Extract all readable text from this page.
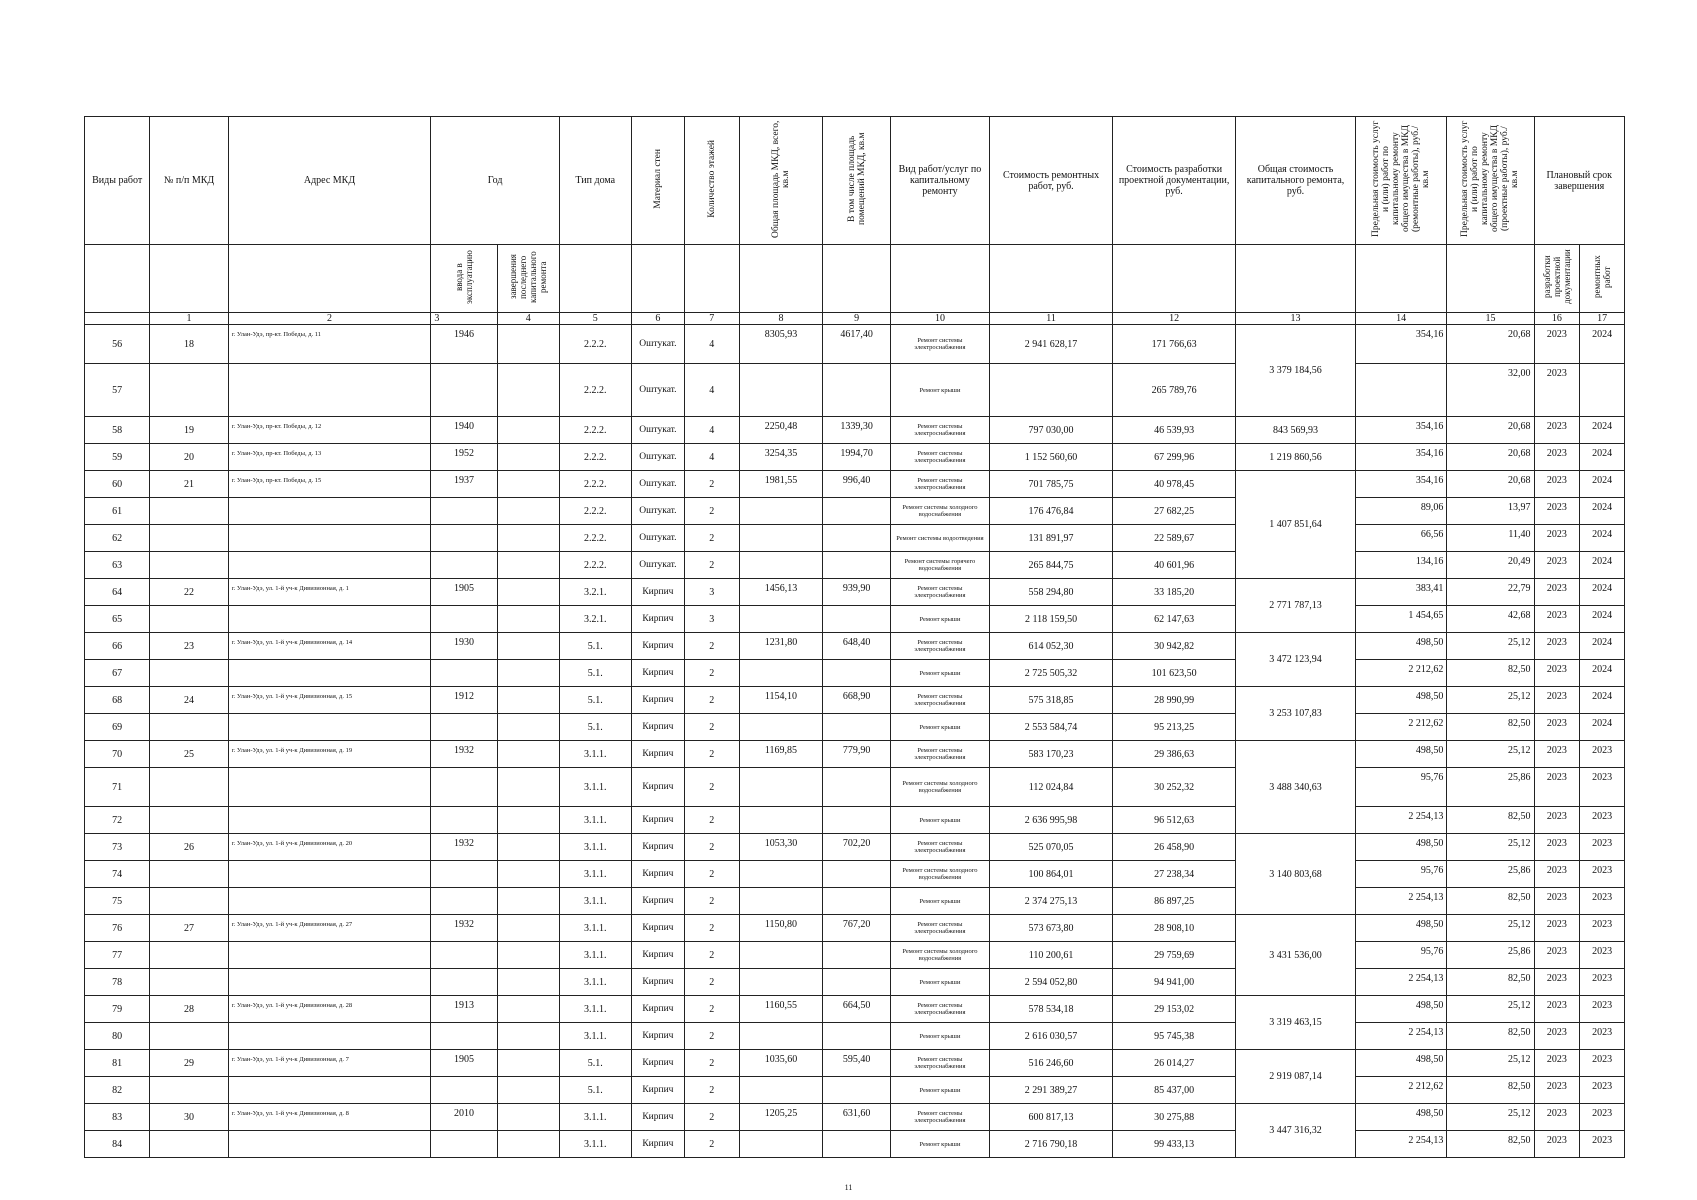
Виды работ	№ п/п МКД	Адрес МКД	Год		Тип дома	Материал стен	Количество этажей	Общая площадь МКД, всего, кв.м	В том числе площадь помещений МКД, кв.м	Вид работ/услуг по капитальному ремонту	Стоимость ремонтных работ, руб.	Стоимость разработки проектной документации, руб.	Общая стоимость капитального ремонта, руб.	Предельная стоимость услуг и (или) работ по капитальному ремонту общего имущества в МКД (ремонтные работы), руб./кв.м	Предельная стоимость услуг и (или) работ по капитальному ремонту общего имущества в МКД (проектные работы), руб./кв.м	Плановый срок завершения	
			ввода в эксплуатацию	завершения последнего капитального ремонта												разработки проектной документации	ремонтных работ
	1	2	3	4	5	6	7	8	9	10	11	12	13	14	15	16	17
56	18	г. Улан-Удэ, пр-кт. Победы, д. 11	1946		2.2.2.	Оштукат.	4	8305,93	4617,40	Ремонт системы электроснабжения	2 941 628,17	171 766,63	3 379 184,56	354,16	20,68	2023	2024
57					2.2.2.	Оштукат.	4			Ремонт крыши		265 789,76			32,00	2023	
58	19	г. Улан-Удэ, пр-кт. Победы, д. 12	1940		2.2.2.	Оштукат.	4	2250,48	1339,30	Ремонт системы электроснабжения	797 030,00	46 539,93	843 569,93	354,16	20,68	2023	2024
59	20	г. Улан-Удэ, пр-кт. Победы, д. 13	1952		2.2.2.	Оштукат.	4	3254,35	1994,70	Ремонт системы электроснабжения	1 152 560,60	67 299,96	1 219 860,56	354,16	20,68	2023	2024
60	21	г. Улан-Удэ, пр-кт. Победы, д. 15	1937		2.2.2.	Оштукат.	2	1981,55	996,40	Ремонт системы электроснабжения	701 785,75	40 978,45	1 407 851,64	354,16	20,68	2023	2024
61					2.2.2.	Оштукат.	2			Ремонт системы холодного водоснабжения	176 476,84	27 682,25		89,06	13,97	2023	2024
62					2.2.2.	Оштукат.	2			Ремонт системы водоотведения	131 891,97	22 589,67		66,56	11,40	2023	2024
63					2.2.2.	Оштукат.	2			Ремонт системы горячего водоснабжения	265 844,75	40 601,96		134,16	20,49	2023	2024
64	22	г. Улан-Удэ, ул. 1-й уч-к Дивизионная, д. 1	1905		3.2.1.	Кирпич	3	1456,13	939,90	Ремонт системы электроснабжения	558 294,80	33 185,20	2 771 787,13	383,41	22,79	2023	2024
65					3.2.1.	Кирпич	3			Ремонт крыши	2 118 159,50	62 147,63		1 454,65	42,68	2023	2024
66	23	г. Улан-Удэ, ул. 1-й уч-к Дивизионная, д. 14	1930		5.1.	Кирпич	2	1231,80	648,40	Ремонт системы электроснабжения	614 052,30	30 942,82	3 472 123,94	498,50	25,12	2023	2024
67					5.1.	Кирпич	2			Ремонт крыши	2 725 505,32	101 623,50		2 212,62	82,50	2023	2024
68	24	г. Улан-Удэ, ул. 1-й уч-к Дивизионная, д. 15	1912		5.1.	Кирпич	2	1154,10	668,90	Ремонт системы электроснабжения	575 318,85	28 990,99	3 253 107,83	498,50	25,12	2023	2024
69					5.1.	Кирпич	2			Ремонт крыши	2 553 584,74	95 213,25		2 212,62	82,50	2023	2024
70	25	г. Улан-Удэ, ул. 1-й уч-к Дивизионная, д. 19	1932		3.1.1.	Кирпич	2	1169,85	779,90	Ремонт системы электроснабжения	583 170,23	29 386,63	3 488 340,63	498,50	25,12	2023	2023
71					3.1.1.	Кирпич	2			Ремонт системы холодного водоснабжения	112 024,84	30 252,32		95,76	25,86	2023	2023
72					3.1.1.	Кирпич	2			Ремонт крыши	2 636 995,98	96 512,63		2 254,13	82,50	2023	2023
73	26	г. Улан-Удэ, ул. 1-й уч-к Дивизионная, д. 20	1932		3.1.1.	Кирпич	2	1053,30	702,20	Ремонт системы электроснабжения	525 070,05	26 458,90	3 140 803,68	498,50	25,12	2023	2023
74					3.1.1.	Кирпич	2			Ремонт системы холодного водоснабжения	100 864,01	27 238,34		95,76	25,86	2023	2023
75					3.1.1.	Кирпич	2			Ремонт крыши	2 374 275,13	86 897,25		2 254,13	82,50	2023	2023
76	27	г. Улан-Удэ, ул. 1-й уч-к Дивизионная, д. 27	1932		3.1.1.	Кирпич	2	1150,80	767,20	Ремонт системы электроснабжения	573 673,80	28 908,10	3 431 536,00	498,50	25,12	2023	2023
77					3.1.1.	Кирпич	2			Ремонт системы холодного водоснабжения	110 200,61	29 759,69		95,76	25,86	2023	2023
78					3.1.1.	Кирпич	2			Ремонт крыши	2 594 052,80	94 941,00		2 254,13	82,50	2023	2023
79	28	г. Улан-Удэ, ул. 1-й уч-к Дивизионная, д. 28	1913		3.1.1.	Кирпич	2	1160,55	664,50	Ремонт системы электроснабжения	578 534,18	29 153,02	3 319 463,15	498,50	25,12	2023	2023
80					3.1.1.	Кирпич	2			Ремонт крыши	2 616 030,57	95 745,38		2 254,13	82,50	2023	2023
81	29	г. Улан-Удэ, ул. 1-й уч-к Дивизионная, д. 7	1905		5.1.	Кирпич	2	1035,60	595,40	Ремонт системы электроснабжения	516 246,60	26 014,27	2 919 087,14	498,50	25,12	2023	2023
82					5.1.	Кирпич	2			Ремонт крыши	2 291 389,27	85 437,00		2 212,62	82,50	2023	2023
83	30	г. Улан-Удэ, ул. 1-й уч-к Дивизионная, д. 8	2010		3.1.1.	Кирпич	2	1205,25	631,60	Ремонт системы электроснабжения	600 817,13	30 275,88	3 447 316,32	498,50	25,12	2023	2023
84					3.1.1.	Кирпич	2			Ремонт крыши	2 716 790,18	99 433,13		2 254,13	82,50	2023	2023
11
